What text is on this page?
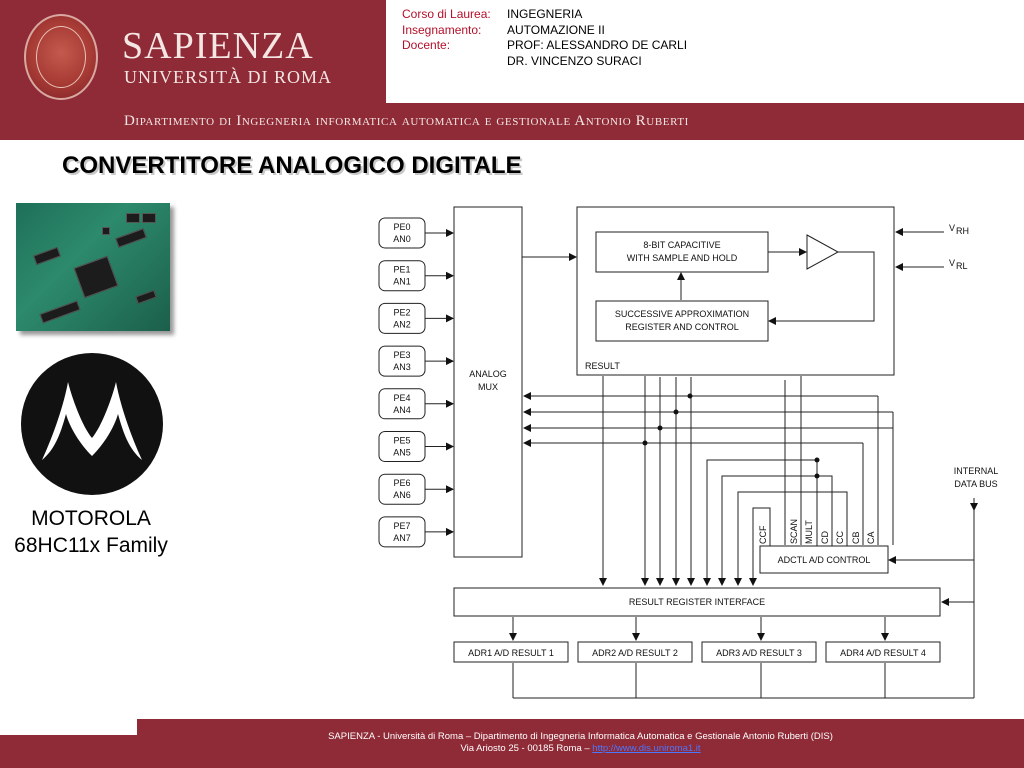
SAPIENZA
UNIVERSITÀ DI ROMA
Corso di Laurea:	INGEGNERIA
Insegnamento:	AUTOMAZIONE II
Docente:	PROF: ALESSANDRO DE CARLI
DR. VINCENZO SURACI
Dipartimento di Ingegneria informatica automatica e gestionale Antonio Ruberti
CONVERTITORE ANALOGICO DIGITALE
MOTOROLA
68HC11x Family
ANALOG
MUX
8-BIT CAPACITIVE
WITH SAMPLE AND HOLD
SUCCESSIVE APPROXIMATION
REGISTER AND CONTROL
RESULT
V RH
V RL
INTERNAL
DATA BUS
ADCTL A/D CONTROL
RESULT REGISTER INTERFACE
ADR1 A/D RESULT 1	ADR2 A/D RESULT 2	ADR3 A/D RESULT 3	ADR4 A/D RESULT 4
CCF SCAN MULT CD CC CB CA
PE0
AN0
PE1
AN1
PE2
AN2
PE3
AN3
PE4
AN4
PE5
AN5
PE6
AN6
PE7
AN7
SAPIENZA - Università di Roma – Dipartimento di Ingegneria Informatica Automatica e Gestionale Antonio Ruberti (DIS)
Via Ariosto 25 - 00185 Roma – http://www.dis.uniroma1.it
